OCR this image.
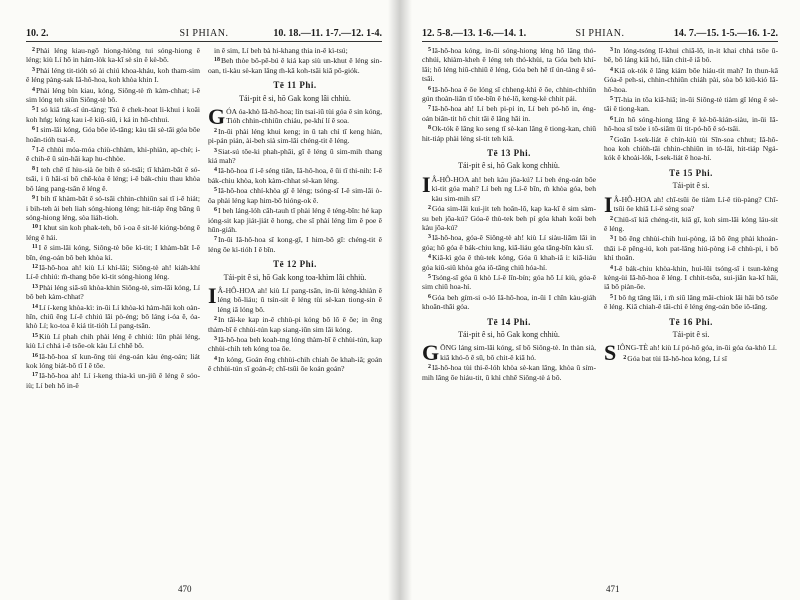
10. 2.	SI PHIAN.	10. 18.—11. 1-7.—12. 1-4.

$^2$Phài léng kiau-ngō hiong-hiòng tui sóng-hiong ê léng; kiù Lí hō in hám-lòk ka-kī sè sìn ê kè-bō.

$^3$Phài léng tit-tióh só ài chiú khoa-kháu, koh tham-sim ê léng pàng-sak Iâ-hô-hoa, koh khòa khin I.

$^4$Phài léng bín kiau, kóng, Siông-tè m̄ kàm-chhat; i-ê sim lóng teh siūn Siông-tè bô.

$^5$I só kiâ ták-sî ún-tàng; Tsú ê chek-hoat li-khui i koâi koh hńg; kóng kau i-ê kiû-siû, i ká in hū-chhui.

$^6$I sim-lāi kóng, Góa bōe iô-tāng; kàu tāi sè-tāi góa bōe hoān-tióh tsai-ē.

$^7$I-ê chhùi móa-móa chiù-chhàm, khi-phiàn, ap-chè; i-ê chih-ē ū sún-hāi kap hu-chhòe.

$^8$I teh chē tī hiu-sià ōe bih ê só-tsāi; tī khàm-bāt ê só-tsāi, i ū hāi-sí bô chē-kòa ê léng; i-ê bák-chiu thau khòa bô láng pang-tsān ê léng ê.

$^9$I bih tī khàm-bāt ê só-tsāi chhin-chhiūn sai tī i-ê hiát; i bih-teh ài beh liah sóng-hiong léng; hit-tiáp ēng bāng ū sóng-hiong léng, sòa liáh-tioh.

$^{10}$I khut sin koh phak-teh, bô i-oa ê sit-lé kióng-bóng ê léng ê hái.

$^{11}$I ê sim-lāi kóng, Siông-tè bōe kì-tit; I khàm-bāt I-ê bīn, éng-oán bô beh khòa kì.

$^{12}$Iâ-hô-hoa ah! kiù Lí khí-lâi; Siông-tè ah! kiáh-khí Lí-ê chhiú: m̄-thang bōe kì-tit sóng-hiong léng.

$^{13}$Phài léng siā-sū khòa-khin Siông-tè, sim-lāi kóng, Lí bô beh kàm-chhat?

$^{14}$Lí í-keng khòa-kì: in-ūi Lí khòa-kì hàm-hāi koh oàn-hīn, chiū ēng Lí-ê chhiú lâi pò-éng; bô láng i-óa ê, óa-khò Lí; ko-toa ê kiá tit-tióh Lí pang-tsān.

$^{15}$Kiù Lí phah chih phài léng ê chhiú: lūn phài léng, kiù Lí chhá i-ê tsōe-ok kàu Lí chhē bô.

$^{16}$Iâ-hô-hoa sī kun-ông tùi éng-oán kàu éng-oán; liát kok lóng biát-bô tī I ê tōe.

$^{17}$Iâ-hô-hoa ah! Lí í-keng thia-kì un-jiû ê léng ê sóo-iù; Lí beh hō in-ê

in ê sim, Lí beh bà hi-khang thia in-ê kì-tsú;

$^{18}$Beh thòe bô-pē-bú ê kiá kap siù un-khut ê léng sin-oan, ti-kàu sè-kan lâng m̄-kā koh-tsāi kiā pō-giók.

Tē 11 Phi.
Tái-pit ê si, hō Gak kong lâi chhiù.

GÓA óa-khò Iâ-hô-hoa; lín tsai-iū tùi góa ê sin kóng, Tióh chhin-chhiūn chiáu, pe-khí lí ê soa.

$^2$In-ūi phài léng khui keng; in ū tah chì tī keng hián, pi-pán pián, ài-beh sià sim-lāi chéng-tit ê léng.

$^3$Siat-sú tōe-ki phah-phāi, gī ê léng ū sim-mih thang kiá mah?

$^4$Iâ-hô-hoa tī i-ê séng tiān, Iâ-hô-hoa, ê ūi tī thi-nih: I-ê bák-chiu khòa, koh kàm-chhat sè-kan léng.

$^5$Iâ-hô-hoa chhí-khòa gī ê léng; tsóng-sī I-ê sim-lāi ò-ôa phài léng kap him-bō hióng-ok ê.

$^6$I beh láng-lóh cāh-tauh tī phài léng ê téng-bīn: hé kap ióng-sit kap jiát-jiát ê hong, che sī phài léng lim ê poe ê hūn-giáh.

$^7$In-ūi Iâ-hô-hoa sī kong-gī, I him-bō gī: chéng-tit ê léng ōe kì-tióh I ê bīn.

Tē 12 Phi.
Tái-pit ê si, hō Gak kong toa-khìm lâi chhiù.

I Â-HÔ-HOA ah! kiù Lí pang-tsān, in-ūi kèng-khiàn ê léng bô-liáu; ū tsìn-sit ê léng tùi sè-kan tiong-sin ê léng iā lóng bô.

$^2$In tāi-ke kap in-ê chhù-pi kóng bô lō ê ōe; in ēng thàm-bī ê chhùi-tún kap siang-iūn sim lâi kóng.

$^3$Iâ-hô-hoa beh koah-tng lóng thàm-bī ê chhùi-tún, kap chhùi-chih teh kóng toa ōe.

$^4$In kóng, Goán ēng chhùi-chih chiah ōe khah-iâ; goán ê chhùi-tún sī goán-ê; chī-tsūi ōe koán goán?

470
12. 5-8.—13. 1-6.—14. 1.	SI PHIAN.	14. 7.—15. 1-5.—16. 1-2.

$^5$Iâ-hô-hoa kóng, in-ūi sóng-hiong léng hō lâng thó-chhúi, khiàm-kheh ê léng teh thó-khùi, ta Góa beh khí-lâi; hō léng hiū-chhiū ê léng, Góa beh hē tī ún-tàng ê só-tsāi.

$^6$Iâ-hô-hoa ê ōe lóng sī chheng-khì ê ōe, chhin-chhiūn gún thoàn-liân tī tōe-bīn ê hé-lō, keng-kè chhit pái.

$^7$Iâ-hô-hoa ah! Lí beh pi-pi in, Lí beh pó-hō in, éng-oán biān-tit hō chit tāi ê lâng hāi in.

$^8$Ok-tók ê lâng ko seng tī sè-kan lâng ê tiong-kan, chiū hit-tiáp phài léng sì-tit teh kiâ.

Tē 13 Phi.
Tái-pit ê si, hō Gak kong chhiù.

I Â-HÔ-HOA ah! beh kàu jōa-kú? Lí beh éng-oán bōe kì-tit góa mah? Lí beh ng Lí-ê bīn, m̄ khòa góa, beh kàu sim-mih sî?

$^2$Góa sim-lāi kui-jit teh hoân-lō, kap ka-kī ê sim sàm-su beh jōa-kú? Góa-ê thù-tek beh pí góa khah koâi beh kàu jōa-kú?

$^3$Iâ-hô-hoa, góa-ê Siông-tè ah! kiù Lí siàu-liām lâi in góa; hō góa ê bák-chiu kng, kiā-liáu góa tāng-bīn kàu sī.

$^4$Kiā-kì góa ê thù-tek kóng, Góa ū khah-iâ i: kiā-liáu góa kiû-siû khòa góa iô-tāng chiū hóa-hí.

$^5$Tsóng-sī góa ū khò Lí-ê lîn-bín; góa hō Lí kiù, góa-ê sim chiū hoa-hí.

$^6$Góa beh gím-si o-ló Iâ-hô-hoa, in-ūi I chīn kàu-giáh khoān-thāi góa.

Tē 14 Phi.
Tái-pit ê si, hō Gak kong chhiù.

GŌNG láng sim-lāi kóng, sī bô Siông-tè. In thàn sià, kiā khó-ô ê sū, bô chit-ê kiā hó.

$^2$Iâ-hô-hoa tùi thi-ē-lóh khòa sè-kan lâng, khòa ū sím-mih lâng ōe hiáu-tit, ū khì chhē Siông-tè á bô.

$^3$In lóng-tsóng lī-khui chiā-lō, in-it khai chhá tsōe ū-bē, bô láng kiā hó, liân chit-ê iā bô.

$^4$Kiā ok-tók ê lâng kiám bōe hiáu-tit mah? In thun-kā Góa-ê peh-si, chhin-chhiūn chiáh pài, sòa bô kiû-kió Iâ-hô-hoa.

$^5$Tī-hia in tōa kiā-hiā; in-ūi Siông-tè tiàm gī léng ê sè-tāi ê tiong-kan.

$^6$Lín hō sóng-hiong lâng ê kè-bô-kián-siàu, in-ūi Iâ-hô-hoa sī tsòe i tō-siām ūi tit-pó-hō ê só-tsāi.

$^7$Goān I-sek-liát ê chín-kiù tùi Sîn-soa chhut; Iâ-hô-hoa koh chiòh-tāi chhin-chhiūn in tó-lâi, hit-tiáp Ngá-kók ê khoài-lók, I-sek-liát ê hoa-hí.

Tē 15 Phi.
Tái-pit ê si.

I Â-HÔ-HOA ah! chī-tsūi ōe tiàm Lí-ê tiù-pàng? Chī-tsūi ōe khiā Lí-ê sèng soa?

$^2$Chiū-sī kiā chéng-tit, kiā gī, koh sim-lāi kóng láu-sit ê léng.

$^3$I bô ēng chhùi-chih hui-pòng, iā bô ēng phài khoán-thāi i-ê pêng-iú, koh pat-lâng hiú-pòng i-ê chhù-pi, i bô khì thoân.

$^4$I-ê bák-chiu khòa-khin, hui-lūi tsóng-sī i tsun-kèng kèng-ùi Iâ-hô-hoa ê léng. I chhit-tsōa, sui-jiân ka-kī hāi, iā bô piàn-ōe.

$^5$I bô ǹg tāng lāi, i m̄ siū lâng mâi-chiok lâi hāi bô tsōe ê léng. Kiā chiah-ê tāi-chì ê léng éng-oán bōe iô-tāng.

Tē 16 Phi.
Tái-pit ê si.

SIÔNG-TÈ ah! kiù Lí pó-hō góa, in-ūi góa óa-khò Lí.

$^2$Góa bat tùi Iâ-hô-hoa kóng, Lí sī

471
